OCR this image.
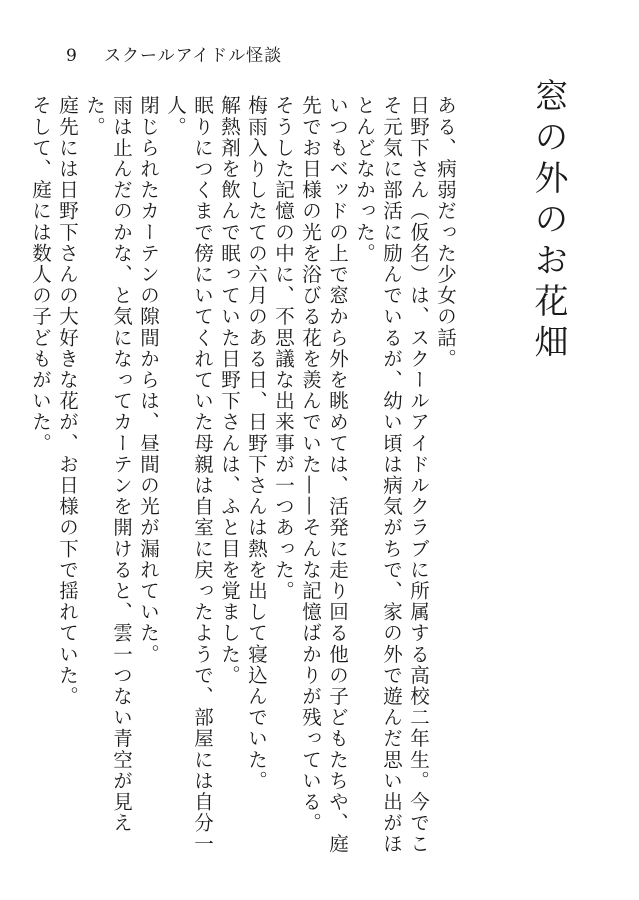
9 スクールアイドル怪談
窓の外のお花畑

ある、病弱だった少女の話。

日野下さん（仮名）は、スクールアイドルクラブに所属する高校二年生。今でこそ元気に部活に励んでいるが、幼い頃は病気がちで、家の外で遊んだ思い出がほとんどなかった。

いつもベッドの上で窓から外を眺めては、活発に走り回る他の子どもたちや、庭先でお日様の光を浴びる花を羨んでいた——そんな記憶ばかりが残っている。

そうした記憶の中に、不思議な出来事が一つあった。

梅雨入りしたての六月のある日、日野下さんは熱を出して寝込んでいた。

解熱剤を飲んで眠っていた日野下さんは、ふと目を覚ました。

眠りにつくまで傍にいてくれていた母親は自室に戻ったようで、部屋には自分一人。

閉じられたカーテンの隙間からは、昼間の光が漏れていた。

雨は止んだのかな、と気になってカーテンを開けると、雲一つない青空が見えた。

庭先には日野下さんの大好きな花が、お日様の下で揺れていた。

そして、庭には数人の子どもがいた。
